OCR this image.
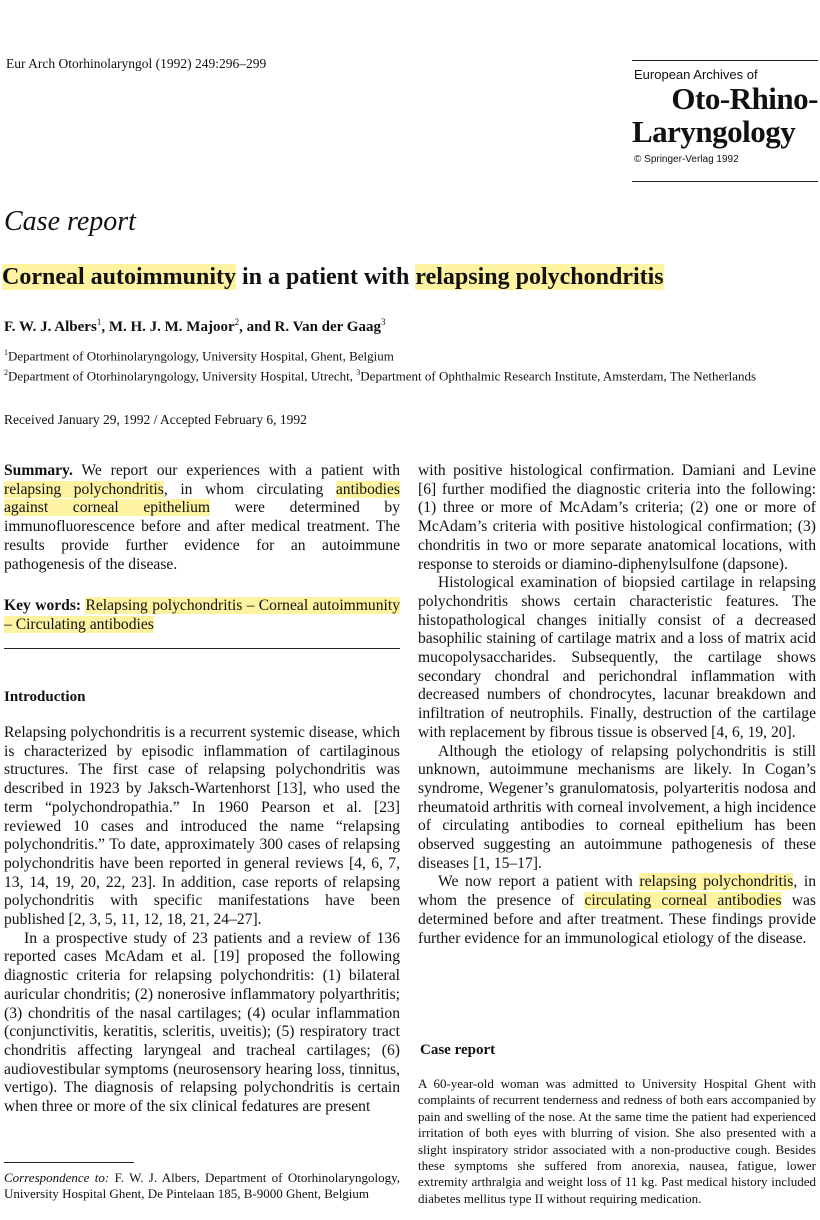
Eur Arch Otorhinolaryngol (1992) 249:296–299
European Archives of
Oto-Rhino-
Laryngology
© Springer-Verlag 1992
Case report
Corneal autoimmunity in a patient with relapsing polychondritis
F. W. J. Albers$^1$, M. H. J. M. Majoor$^2$, and R. Van der Gaag$^3$
$^1$Department of Otorhinolaryngology, University Hospital, Ghent, Belgium
$^2$Department of Otorhinolaryngology, University Hospital, Utrecht, $^3$Department of Ophthalmic Research Institute, Amsterdam, The Netherlands
Received January 29, 1992 / Accepted February 6, 1992

Summary. We report our experiences with a patient with relapsing polychondritis, in whom circulating antibodies against corneal epithelium were determined by immunofluorescence before and after medical treatment. The results provide further evidence for an autoimmune pathogenesis of the disease.

Key words: Relapsing polychondritis – Corneal autoimmunity – Circulating antibodies

Introduction

Relapsing polychondritis is a recurrent systemic disease, which is characterized by episodic inflammation of cartilaginous structures. The first case of relapsing polychondritis was described in 1923 by Jaksch-Wartenhorst [13], who used the term “polychondropathia.” In 1960 Pearson et al. [23] reviewed 10 cases and introduced the name “relapsing polychondritis.” To date, approximately 300 cases of relapsing polychondritis have been reported in general reviews [4, 6, 7, 13, 14, 19, 20, 22, 23]. In addition, case reports of relapsing polychondritis with specific manifestations have been published [2, 3, 5, 11, 12, 18, 21, 24–27].

In a prospective study of 23 patients and a review of 136 reported cases McAdam et al. [19] proposed the following diagnostic criteria for relapsing polychondritis: (1) bilateral auricular chondritis; (2) nonerosive inflammatory polyarthritis; (3) chondritis of the nasal cartilages; (4) ocular inflammation (conjunctivitis, keratitis, scleritis, uveitis); (5) respiratory tract chondritis affecting laryngeal and tracheal cartilages; (6) audiovestibular symptoms (neurosensory hearing loss, tinnitus, vertigo). The diagnosis of relapsing polychondritis is certain when three or more of the six clinical fedatures are present

Correspondence to: F. W. J. Albers, Department of Otorhinolaryngology, University Hospital Ghent, De Pintelaan 185, B-9000 Ghent, Belgium

with positive histological confirmation. Damiani and Levine [6] further modified the diagnostic criteria into the following: (1) three or more of McAdam’s criteria; (2) one or more of McAdam’s criteria with positive histological confirmation; (3) chondritis in two or more separate anatomical locations, with response to steroids or diamino-diphenylsulfone (dapsone).

Histological examination of biopsied cartilage in relapsing polychondritis shows certain characteristic features. The histopathological changes initially consist of a decreased basophilic staining of cartilage matrix and a loss of matrix acid mucopolysaccharides. Subsequently, the cartilage shows secondary chondral and perichondral inflammation with decreased numbers of chondrocytes, lacunar breakdown and infiltration of neutrophils. Finally, destruction of the cartilage with replacement by fibrous tissue is observed [4, 6, 19, 20].

Although the etiology of relapsing polychondritis is still unknown, autoimmune mechanisms are likely. In Cogan’s syndrome, Wegener’s granulomatosis, polyarteritis nodosa and rheumatoid arthritis with corneal involvement, a high incidence of circulating antibodies to corneal epithelium has been observed suggesting an autoimmune pathogenesis of these diseases [1, 15–17].

We now report a patient with relapsing polychondritis, in whom the presence of circulating corneal antibodies was determined before and after treatment. These findings provide further evidence for an immunological etiology of the disease.

Case report
A 60-year-old woman was admitted to University Hospital Ghent with complaints of recurrent tenderness and redness of both ears accompanied by pain and swelling of the nose. At the same time the patient had experienced irritation of both eyes with blurring of vision. She also presented with a slight inspiratory stridor associated with a non-productive cough. Besides these symptoms she suffered from anorexia, nausea, fatigue, lower extremity arthralgia and weight loss of 11 kg. Past medical history included diabetes mellitus type II without requiring medication.
